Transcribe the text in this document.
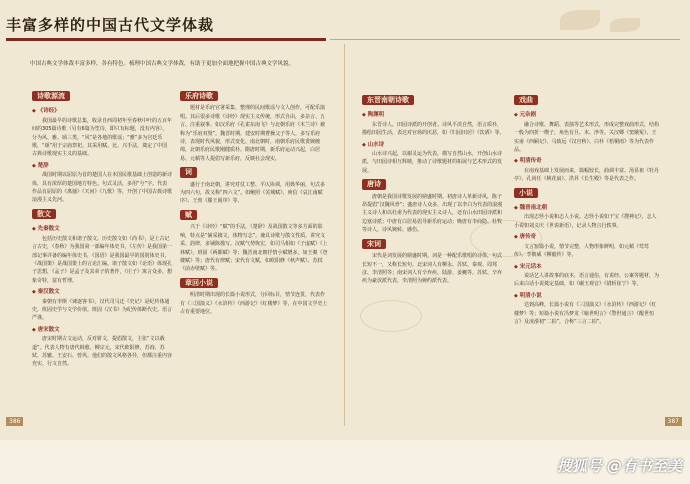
丰富多样的中国古代文学体裁
中国古典文学体裁丰富多样，各有特色。梳理中国古典文学体裁，有助于更加全面地把握中国古典文学风貌。
诗歌源流
◆ 《诗经》

我国最早的诗歌总集，收录自西周初年至春秋中叶的五百年间的305篇诗歌（另有6篇为笙诗，即只有标题，没有内容），分为风、雅、颂三类。“风”是各地的歌谣；“雅”多为宫廷乐歌，“颂”用于宗庙祭祀。其采用赋、比、兴手法，奠定了中国古典诗歌现实主义的基础。

◆ 楚辞

战国时期以屈原为首的楚国人在本国民歌基础上创造的新诗体，具有浓厚的楚国地方特色。句式灵活，多用“兮”字。代表作品有屈原的《离骚》《天问》《九歌》等，开创了中国古典诗歌浪漫主义先河。

散文
◆ 先秦散文

包括历史散文和诸子散文。历史散文如《尚书》，是上古记言古史，《春秋》为我国第一部编年体史书，《左传》是我国第一部记事详备的编年体史书，《国语》是我国最早的国别体史书，《战国策》是战国策士的言论汇编。诸子散文如《论语》体现孔子思想，《孟子》是孟子及其弟子的著作，《庄子》寓言众多，想象奇特，富有哲理。

◆ 秦汉散文

秦朝有李斯《谏逐客书》。汉代司马迁《史记》是纪传体通史，班固史学与文学价值。班固《汉书》为纪传体断代史。语言严谨。

◆ 唐宋散文

唐宋时期古文运动，反对骈文，提倡散文，主张“文以载道”。代表人物有唐代韩愈、柳宗元，宋代欧阳修、苏洵、苏轼、苏辙、王安石、曾巩。他们的散文风格各异，但都注重内容充实，行文自然。

乐府诗歌

题材是乐府官署采集、整理的民间歌谣与文人创作，可配乐演唱。其后很多诗歌《诗经》现实主义传统，形式自由，多杂言、五言、注重叙事。如汉乐府《孔雀东南飞》与北朝乐府《木兰诗》被称为“乐府双璧”。魏晋时期，建安时期曹操父子等人，多写乐府诗，表现时代风貌，形式变化。南北朝时，南朝乐府民歌委婉缠绵，北朝乐府民歌刚健质朴。隋唐时期，新乐府运动兴起，白居易、元稹等人提倡写新乐府，反映社会现实。

词

盛行于南北朝，讲究对仗工整、平仄协调，用典华丽，句式多为四六句，故又称“四六文”。如鲍照《芜城赋》、庾信《哀江南赋序》、王勃《滕王阁序》等。

赋

兴于《诗经》“赋”的手法，《楚辞》及战国散文等多方面的影响，特点是“铺采摛文，体物写志”。兼具诗歌与散文性质，讲究文采、韵律，多铺陈描写。汉赋气势恢宏，如司马相如《子虚赋》《上林赋》，班固《两都赋》等；魏晋南北朝抒情小赋增多，如王粲《登楼赋》等；唐代有律赋；宋代有文赋，如欧阳修《秋声赋》、苏轼《前赤壁赋》等。

章回小说

明清时期出现的长篇小说形式，分回标目，情节连贯，代表作有《三国演义》《水浒传》《西游记》《红楼梦》等，在中国文学史上占有重要地位。

东晋南朝诗歌
◆ 陶渊明

东晋诗人，田园诗派的开创者。诗风平淡自然，语言质朴，描绘田园生活，表达对官场的厌恶，如《归园田居》《饮酒》等。

◆ 山水诗

山水诗兴起，以谢灵运为代表，描写自然山水，开创山水诗派，与田园诗相互辉映，推动了诗歌题材的拓展与艺术形式的发展。

唐诗

唐朝是我国诗歌发展的鼎盛时期。初唐诗人革新诗风，陈子昂提倡“汉魏风骨”；盛唐诗人众多，出现了以李白为代表的浪漫主义诗人和以杜甫为代表的现实主义诗人，还有山水田园诗派和边塞诗派；中唐有白居易倡导新乐府运动；晚唐有李商隐、杜牧等诗人，诗风婉转、感伤。

宋词

宋代是词发展的鼎盛时期。词是一种配乐歌唱的诗体，句式长短不一，又称长短句。北宋词人有柳永、苏轼、秦观、周邦彦、李清照等；南宋词人有辛弃疾、陆游、姜夔等。苏轼、辛弃疾为豪放派代表，李清照为婉约派代表。

戏曲
◆ 元杂剧

融合诗歌、舞蹈、表演等艺术形式，形成完整戏曲形式，结构一般为四折一楔子，角色有旦、末、净等。关汉卿《窦娥冤》、王实甫《西厢记》、马致远《汉宫秋》、白朴《梧桐雨》等为代表作品。

◆ 明清传奇

在南戏基础上发展而来，篇幅较长，曲调丰富。汤显祖《牡丹亭》、孔尚任《桃花扇》、洪昇《长生殿》等是代表之作。

小说
◆ 魏晋南北朝

出现志怪小说和志人小说。志怪小说如干宝《搜神记》，志人小说如刘义庆《世说新语》，记录人物言行轶事。

◆ 唐传奇

文言短篇小说，情节完整，人物形象鲜明，如元稹《莺莺传》、李朝威《柳毅传》等。

◆ 宋元话本

说话艺人讲故事的底本，语言通俗，有说经、公案等题材，为后来白话小说奠定基础，如《碾玉观音》《错斩崔宁》等。

◆ 明清小说

达到高峰，长篇小说有《三国演义》《水浒传》《西游记》《红楼梦》等；短篇小说有冯梦龙《喻世明言》《警世通言》《醒世恒言》及凌濛初“二拍”，合称“三言二拍”。

386	387
搜狐号 @有书至美
